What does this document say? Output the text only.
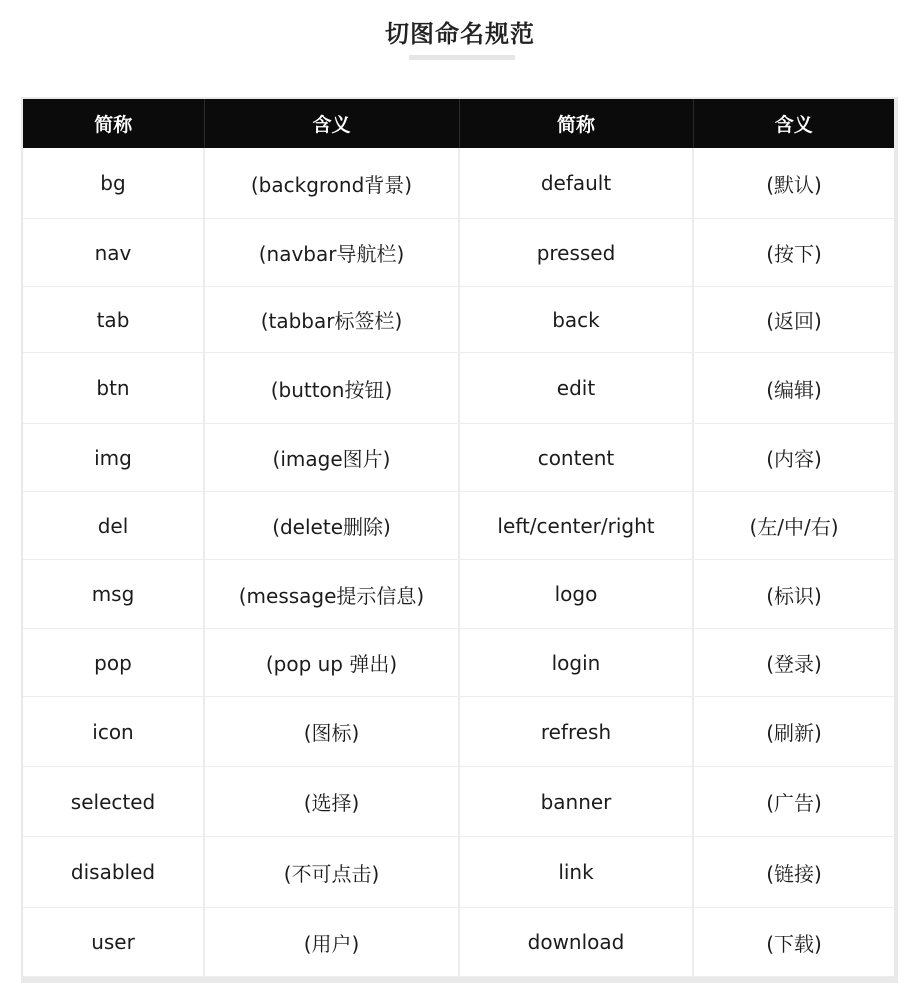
切图命名规范
简称	含义	简称	含义
bg	(backgrond背景)	default	(默认)
nav	(navbar导航栏)	pressed	(按下)
tab	(tabbar标签栏)	back	(返回)
btn	(button按钮)	edit	(编辑)
img	(image图片)	content	(内容)
del	(delete删除)	left/center/right	(左/中/右)
msg	(message提示信息)	logo	(标识)
pop	(pop up 弹出)	login	(登录)
icon	(图标)	refresh	(刷新)
selected	(选择)	banner	(广告)
disabled	(不可点击)	link	(链接)
user	(用户)	download	(下载)
